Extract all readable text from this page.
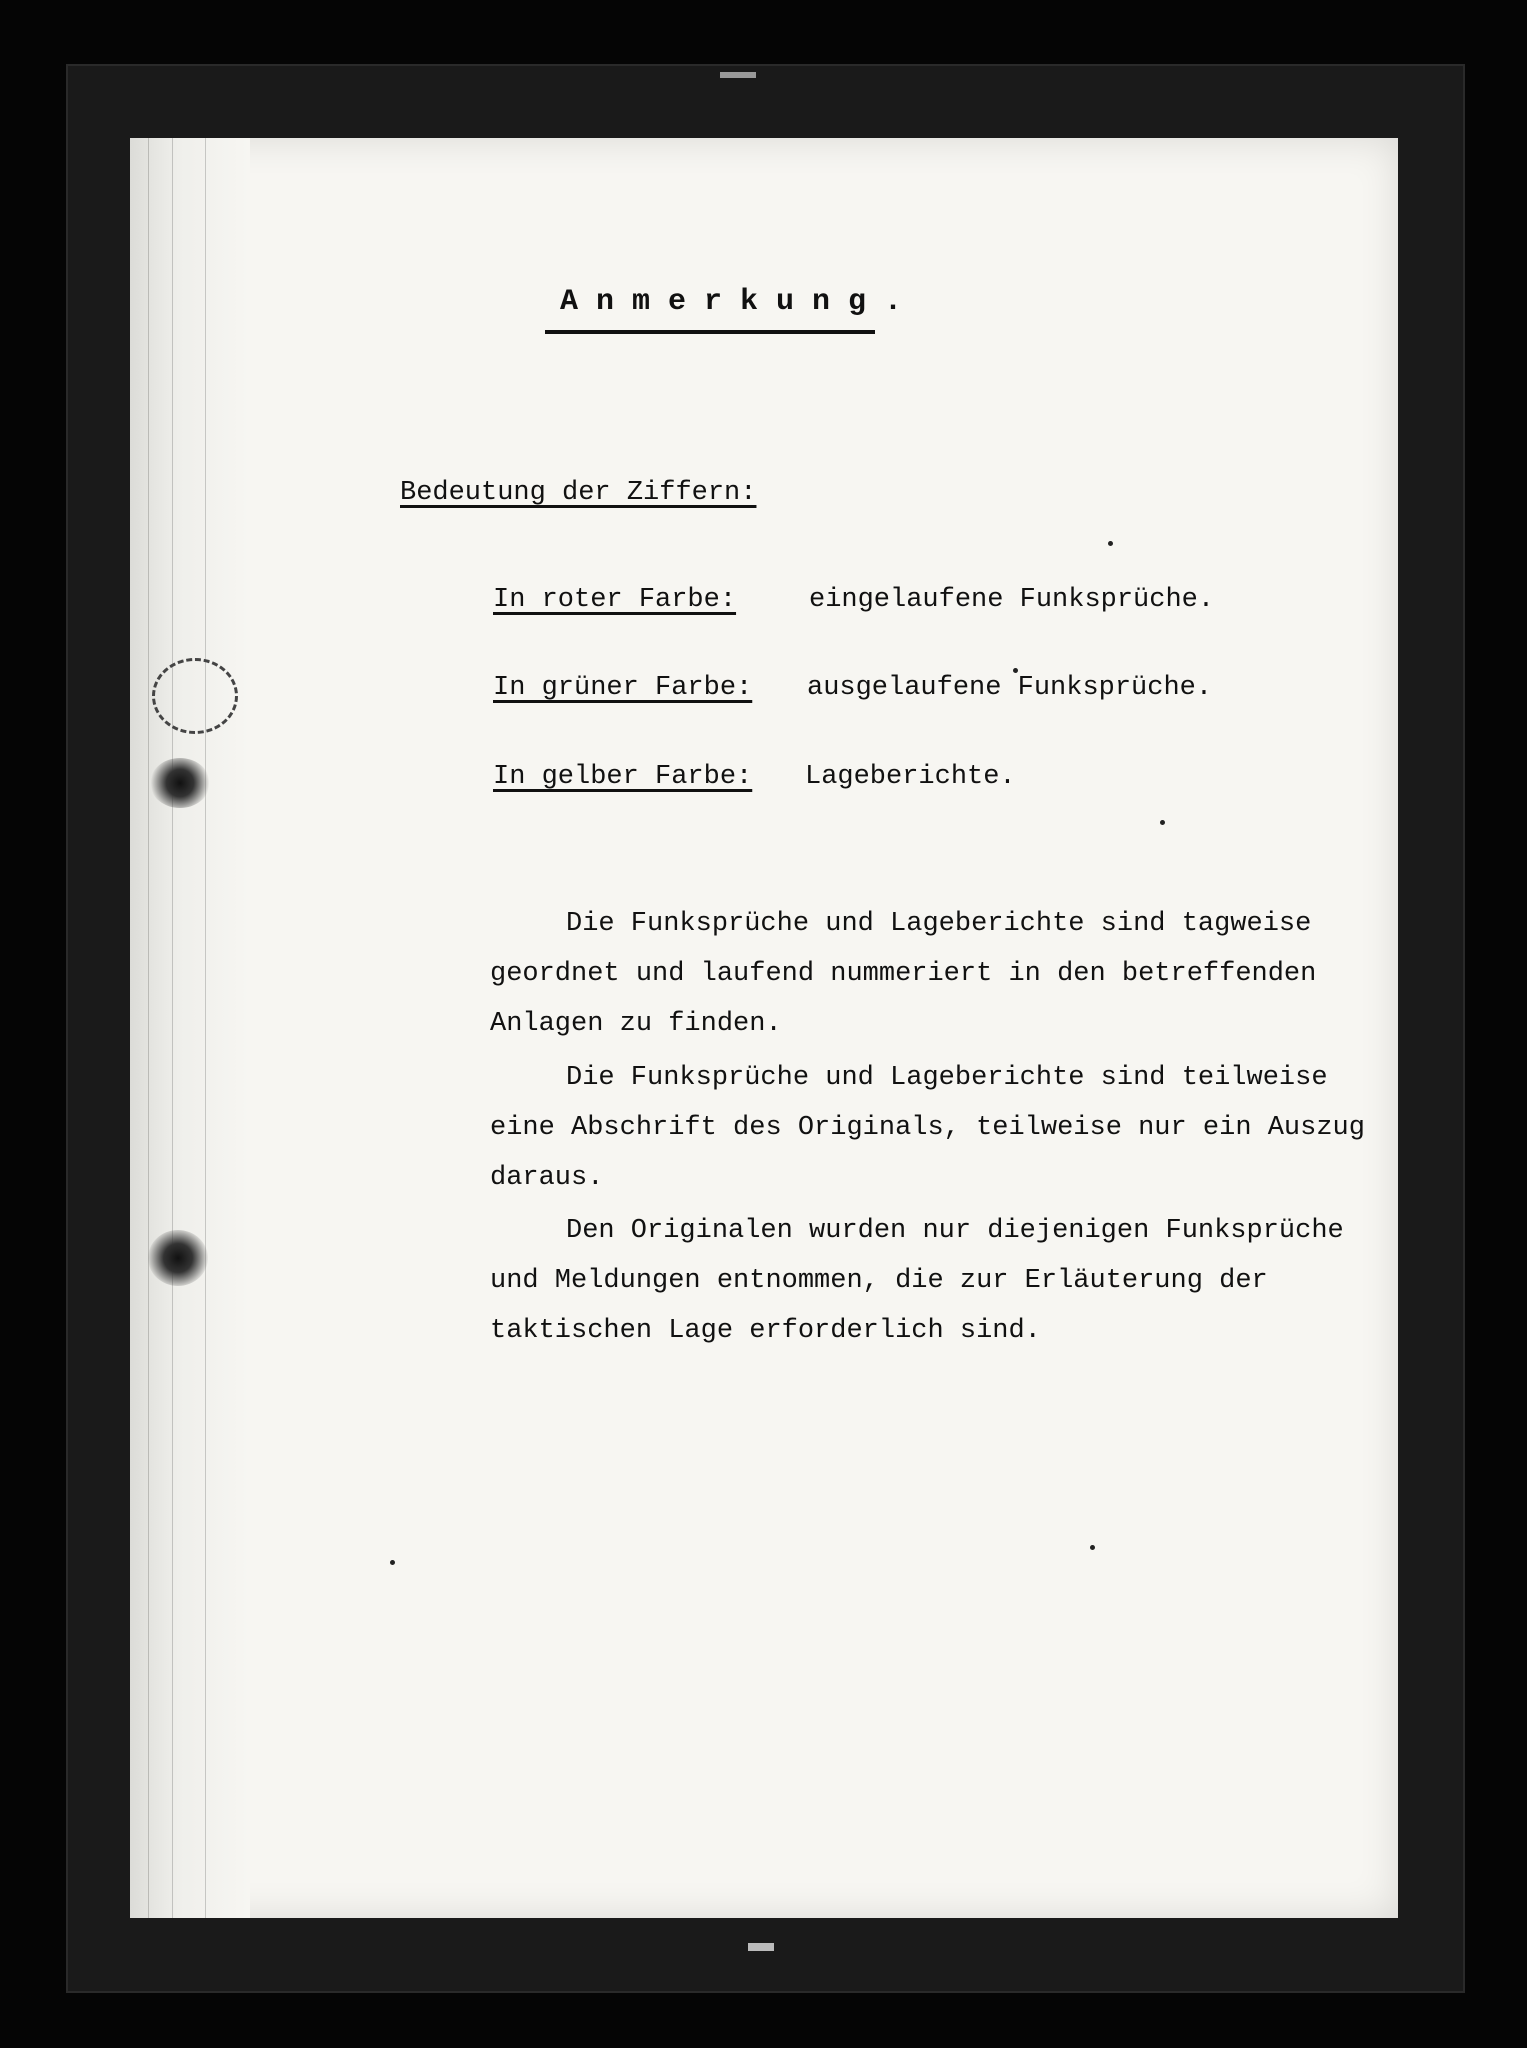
Anmerkung.
Bedeutung der Ziffern:
In roter Farbe:	eingelaufene Funksprüche.
In grüner Farbe: ausgelaufene Funksprüche.
In gelber Farbe: Lageberichte.
Die Funksprüche und Lageberichte sind tagweise
geordnet und laufend nummeriert in den betreffenden
Anlagen zu finden.
Die Funksprüche und Lageberichte sind teilweise
eine Abschrift des Originals, teilweise nur ein Auszug
daraus.
Den Originalen wurden nur diejenigen Funksprüche
und Meldungen entnommen, die zur Erläuterung der
taktischen Lage erforderlich sind.
